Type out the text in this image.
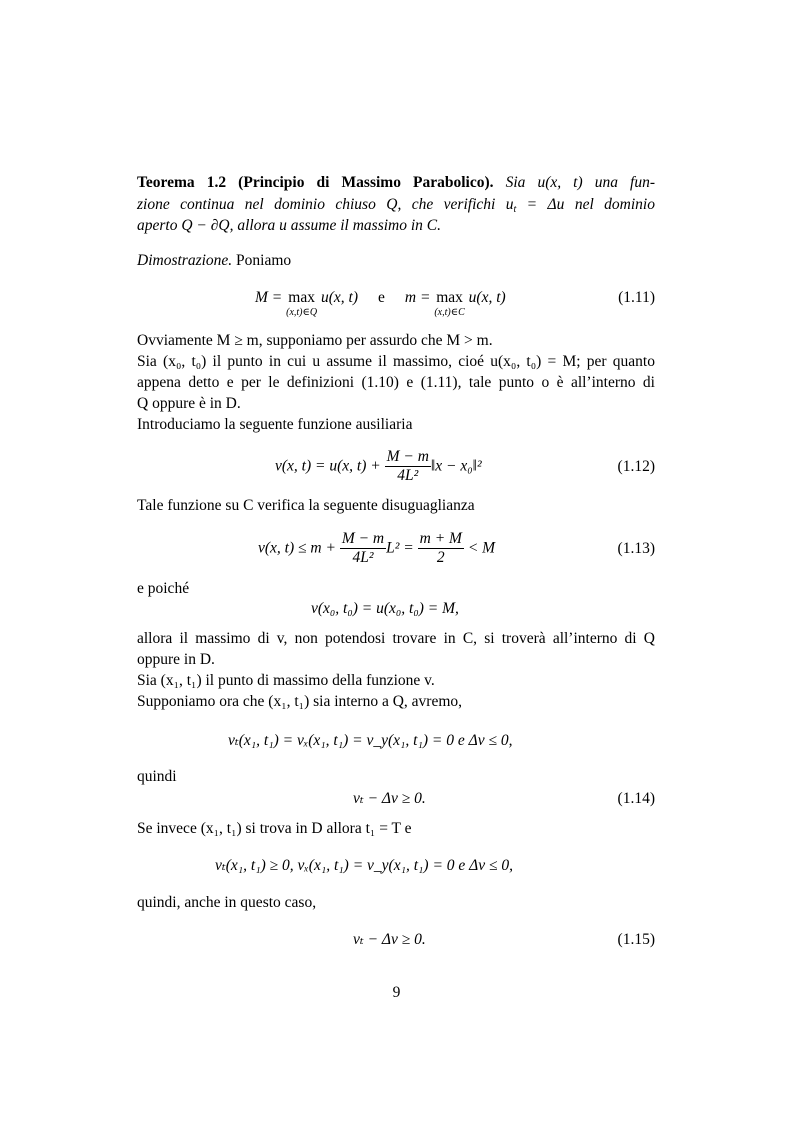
Teorema 1.2 (Principio di Massimo Parabolico). Sia u(x, t) una fun-
zione continua nel dominio chiuso Q, che verifichi $u_t = \Delta u$ nel dominio
aperto Q − ∂Q, allora u assume il massimo in C.
Dimostrazione. Poniamo
M = max
(x,t)∈Q
u(x, t) e m = max
(x,t)∈C
u(x, t)	(1.11)
Ovviamente M ≥ m, supponiamo per assurdo che M > m.
Sia (x₀, t₀) il punto in cui u assume il massimo, cioé u(x₀, t₀) = M; per quanto
appena detto e per le definizioni (1.10) e (1.11), tale punto o è all’interno di
Q oppure è in D.
Introduciamo la seguente funzione ausiliaria
v(x, t) = u(x, $t) + \frac{M - m}{\text{4L²}}$ ‖x − x₀‖²	(1.12)
Tale funzione su C verifica la seguente disuguaglianza
v(x, $t) \le m + \frac{M - m}{\text{4L²}} L^2 = \frac{m + M}{2} < M$	(1.13)
e poiché
v(x₀, t₀) = u(x₀, t₀) = M,
allora il massimo di v, non potendosi trovare in C, si troverà all’interno di Q
oppure in D.
Sia (x₁, t₁) il punto di massimo della funzione v.
Supponiamo ora che (x₁, t₁) sia interno a Q, avremo,
vₜ(x₁, t₁) = vₓ(x₁, t₁) = v_y(x₁, t₁) = 0 e Δv ≤ 0,
quindi
vₜ − Δv ≥ 0.	(1.14)
Se invece (x₁, t₁) si trova in D allora t₁ = T e
vₜ(x₁, t₁) ≥ 0, vₓ(x₁, t₁) = v_y(x₁, t₁) = 0 e Δv ≤ 0,
quindi, anche in questo caso,
vₜ − Δv ≥ 0.	(1.15)
9
